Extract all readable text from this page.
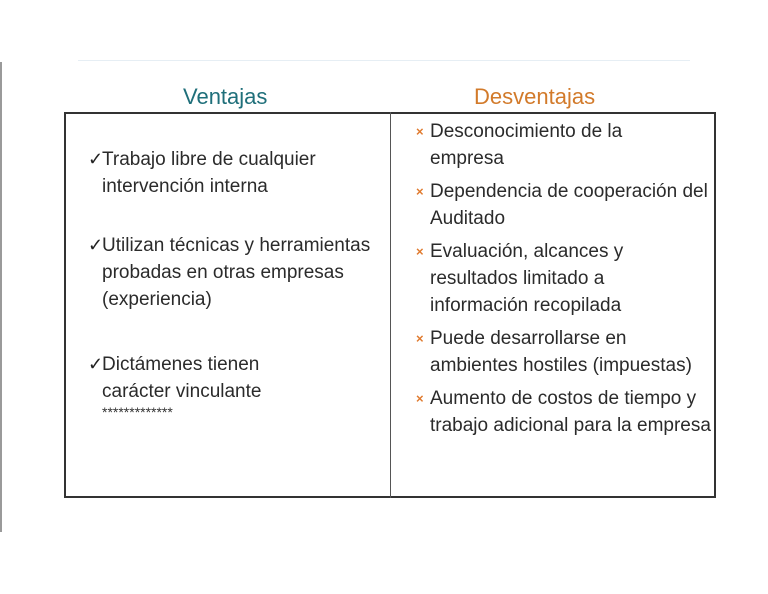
Ventajas	Desventajas
✓
Trabajo libre de cualquier intervención interna
✓
Utilizan técnicas y herramientas probadas en otras empresas (experiencia)
✓
Dictámenes tienen carácter vinculante
*************
× Desconocimiento de la empresa
× Dependencia de cooperación del Auditado
× Evaluación, alcances y resultados limitado a información recopilada
× Puede desarrollarse en ambientes hostiles (impuestas)
× Aumento de costos de tiempo y trabajo adicional para la empresa
